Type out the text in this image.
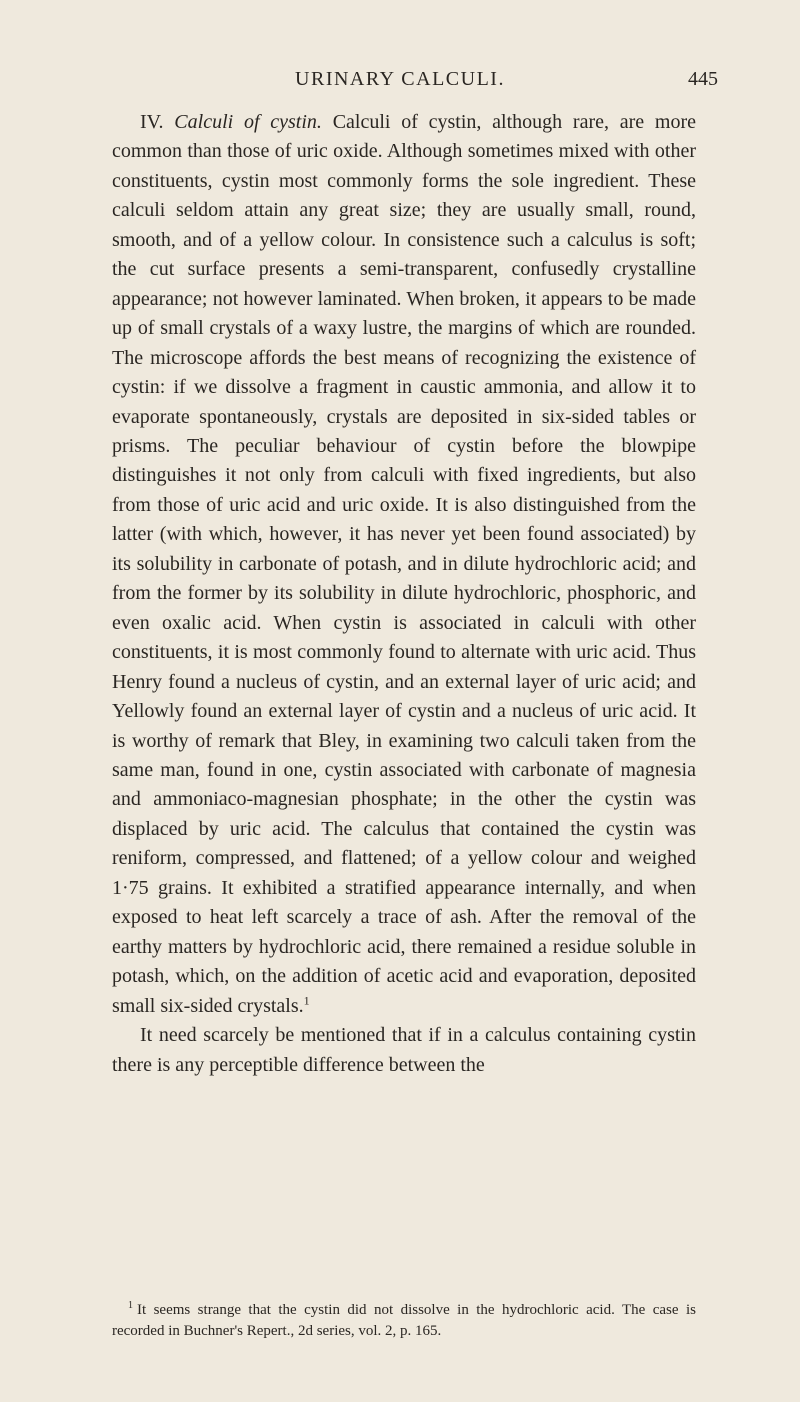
URINARY CALCULI.	445

IV. Calculi of cystin. Calculi of cystin, although rare, are more common than those of uric oxide. Although sometimes mixed with other constituents, cystin most commonly forms the sole ingredient. These calculi seldom attain any great size; they are usually small, round, smooth, and of a yellow colour. In consistence such a calculus is soft; the cut surface presents a semi-transparent, confusedly crystalline appearance; not however laminated. When broken, it appears to be made up of small crystals of a waxy lustre, the margins of which are rounded. The microscope affords the best means of recognizing the existence of cystin: if we dissolve a fragment in caustic ammonia, and allow it to evaporate spontaneously, crystals are deposited in six-sided tables or prisms. The peculiar behaviour of cystin before the blowpipe distinguishes it not only from calculi with fixed ingredients, but also from those of uric acid and uric oxide. It is also distinguished from the latter (with which, however, it has never yet been found associated) by its solubility in carbonate of potash, and in dilute hydrochloric acid; and from the former by its solubility in dilute hydrochloric, phosphoric, and even oxalic acid. When cystin is associated in calculi with other constituents, it is most commonly found to alternate with uric acid. Thus Henry found a nucleus of cystin, and an external layer of uric acid; and Yellowly found an external layer of cystin and a nucleus of uric acid. It is worthy of remark that Bley, in examining two calculi taken from the same man, found in one, cystin associated with carbonate of magnesia and ammoniaco-magnesian phosphate; in the other the cystin was displaced by uric acid. The calculus that contained the cystin was reniform, compressed, and flattened; of a yellow colour and weighed 1·75 grains. It exhibited a stratified appearance internally, and when exposed to heat left scarcely a trace of ash. After the removal of the earthy matters by hydrochloric acid, there remained a residue soluble in potash, which, on the addition of acetic acid and evaporation, deposited small six-sided crystals.$^1$

It need scarcely be mentioned that if in a calculus containing cystin there is any perceptible difference between the

$^1$ It seems strange that the cystin did not dissolve in the hydrochloric acid. The case is recorded in Buchner's Repert., 2d series, vol. 2, p. 165.
